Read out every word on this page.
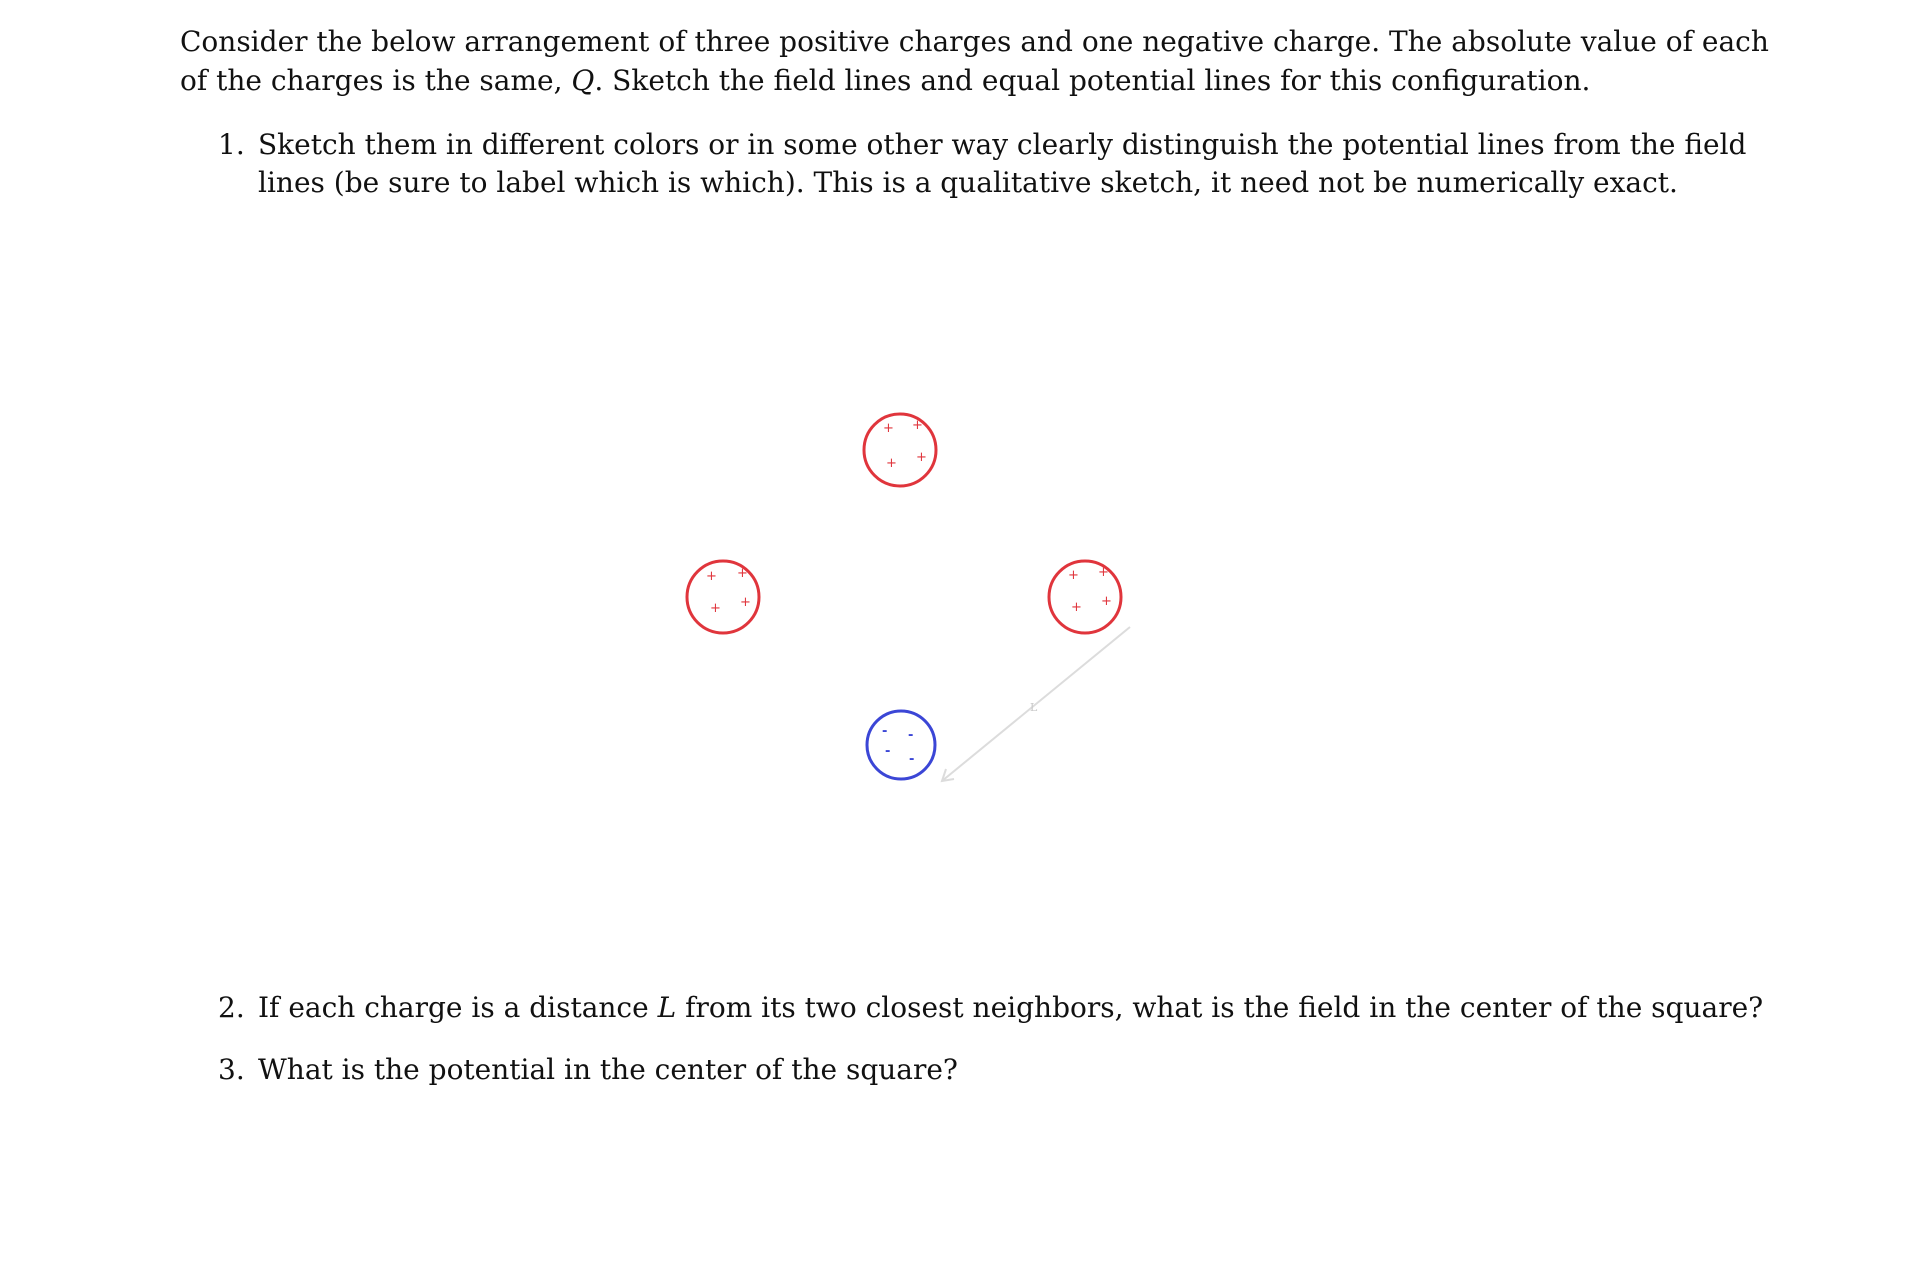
Consider the below arrangement of three positive charges and one negative charge. The absolute value of each of the charges is the same, Q. Sketch the field lines and equal potential lines for this configuration.

1. Sketch them in different colors or in some other way clearly distinguish the potential lines from the field lines (be sure to label which is which). This is a qualitative sketch, it need not be numerically exact.

+ +
+ +
+ +
+ +
+ +
+ +
L
- -
-
-

2. If each charge is a distance L from its two closest neighbors, what is the field in the center of the square?

3. What is the potential in the center of the square?
